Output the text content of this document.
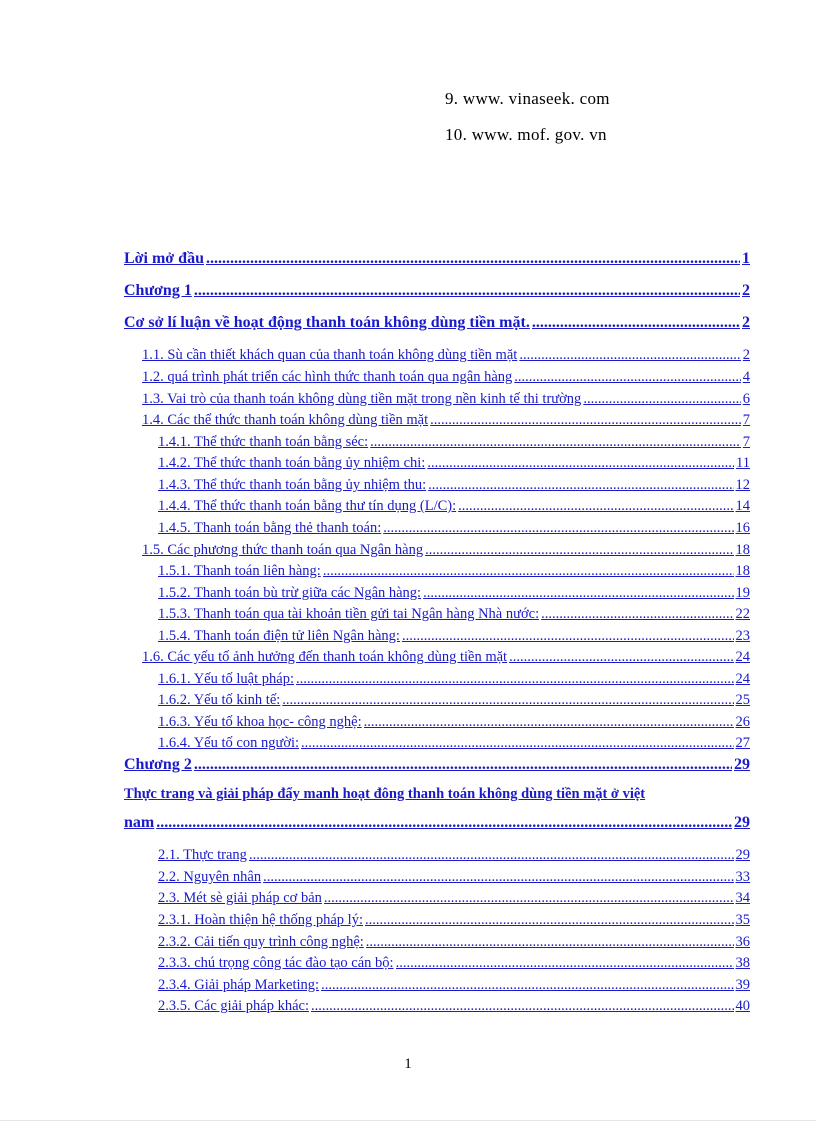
9. www. vinaseek. com
10. www. mof. gov. vn
Lời mở đầu .....	1
Chương 1 .....	2
Cơ sở lí luận về hoạt động thanh toán không dùng tiền mặt. .....	2
1.1. Sù cần thiết khách quan của thanh toán không dùng tiền mặt .....	2
1.2. quá trình phát triển các hình thức thanh toán qua ngân hàng .....	4
1.3. Vai trò của thanh toán không dùng tiền mặt trong nền kinh tế thi trường .....	6
1.4. Các thể thức thanh toán không dùng tiền mặt .....	7
1.4.1. Thể thức thanh toán bằng séc: .....	7
1.4.2. Thể thức thanh toán bằng ủy nhiệm chi: .....	11
1.4.3. Thể thức thanh toán bằng ủy nhiệm thu: .....	12
1.4.4. Thể thức thanh toán bằng thư tín dụng (L/C): .....	14
1.4.5. Thanh toán bằng thẻ thanh toán: .....	16
1.5. Các phương thức thanh toán qua Ngân hàng .....	18
1.5.1. Thanh toán liên hàng: .....	18
1.5.2. Thanh toán bù trừ giữa các Ngân hàng: .....	19
1.5.3. Thanh toán qua tài khoản tiền gửi tai Ngân hàng Nhà nước: .....	22
1.5.4. Thanh toán điện tử liên Ngân hàng: .....	23
1.6. Các yếu tố ảnh hưởng đến thanh toán không dùng tiền mặt .....	24
1.6.1. Yếu tố luật pháp: .....	24
1.6.2. Yếu tố kinh tế: .....	25
1.6.3. Yếu tố khoa học- công nghệ: .....	26
1.6.4. Yếu tố con người: .....	27
Chương 2 .....	29
Thực trang và giải pháp đẩy manh hoạt đông thanh toán không dùng tiền mặt ở việt
nam .....	29
2.1. Thực trang .....	29
2.2. Nguyên nhân .....	33
2.3. Mét sè giải pháp cơ bản .....	34
2.3.1. Hoàn thiện hệ thống pháp lý: .....	35
2.3.2. Cải tiến quy trình công nghệ: .....	36
2.3.3. chú trọng công tác đào tạo cán bộ: .....	38
2.3.4. Giải pháp Marketing: .....	39
2.3.5. Các giải pháp khác: .....	40
1
